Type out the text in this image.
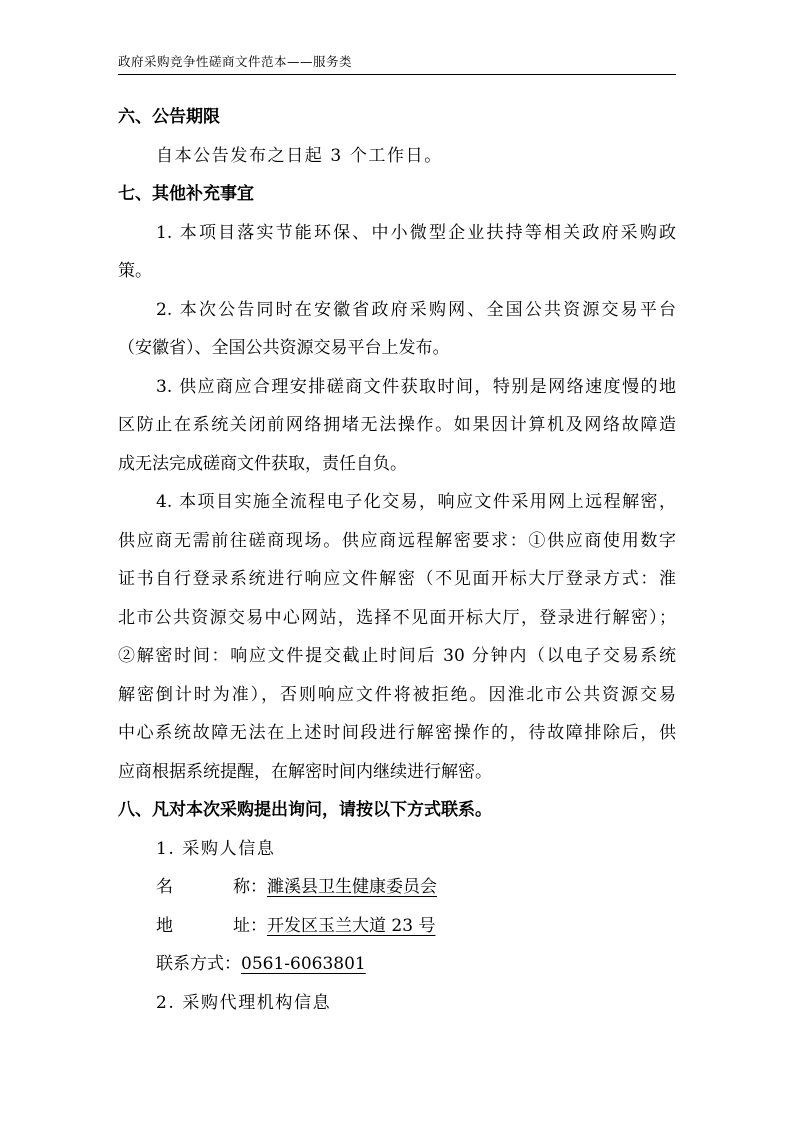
政府采购竞争性磋商文件范本——服务类
六、公告期限
自本公告发布之日起 3 个工作日。
七、其他补充事宜
1. 本项目落实节能环保、中小微型企业扶持等相关政府采购政
策。
2. 本次公告同时在安徽省政府采购网、全国公共资源交易平台
（安徽省）、全国公共资源交易平台上发布。
3. 供应商应合理安排磋商文件获取时间，特别是网络速度慢的地
区防止在系统关闭前网络拥堵无法操作。如果因计算机及网络故障造
成无法完成磋商文件获取，责任自负。
4. 本项目实施全流程电子化交易，响应文件采用网上远程解密，
供应商无需前往磋商现场。供应商远程解密要求：①供应商使用数字
证书自行登录系统进行响应文件解密（不见面开标大厅登录方式：淮
北市公共资源交易中心网站，选择不见面开标大厅，登录进行解密）；
②解密时间：响应文件提交截止时间后 30 分钟内（以电子交易系统
解密倒计时为准），否则响应文件将被拒绝。因淮北市公共资源交易
中心系统故障无法在上述时间段进行解密操作的，待故障排除后，供
应商根据系统提醒，在解密时间内继续进行解密。
八、凡对本次采购提出询问，请按以下方式联系。
1. 采购人信息
名	称：濉溪县卫生健康委员会
地	址：开发区玉兰大道 23 号
联系方式：0561-6063801
2. 采购代理机构信息
